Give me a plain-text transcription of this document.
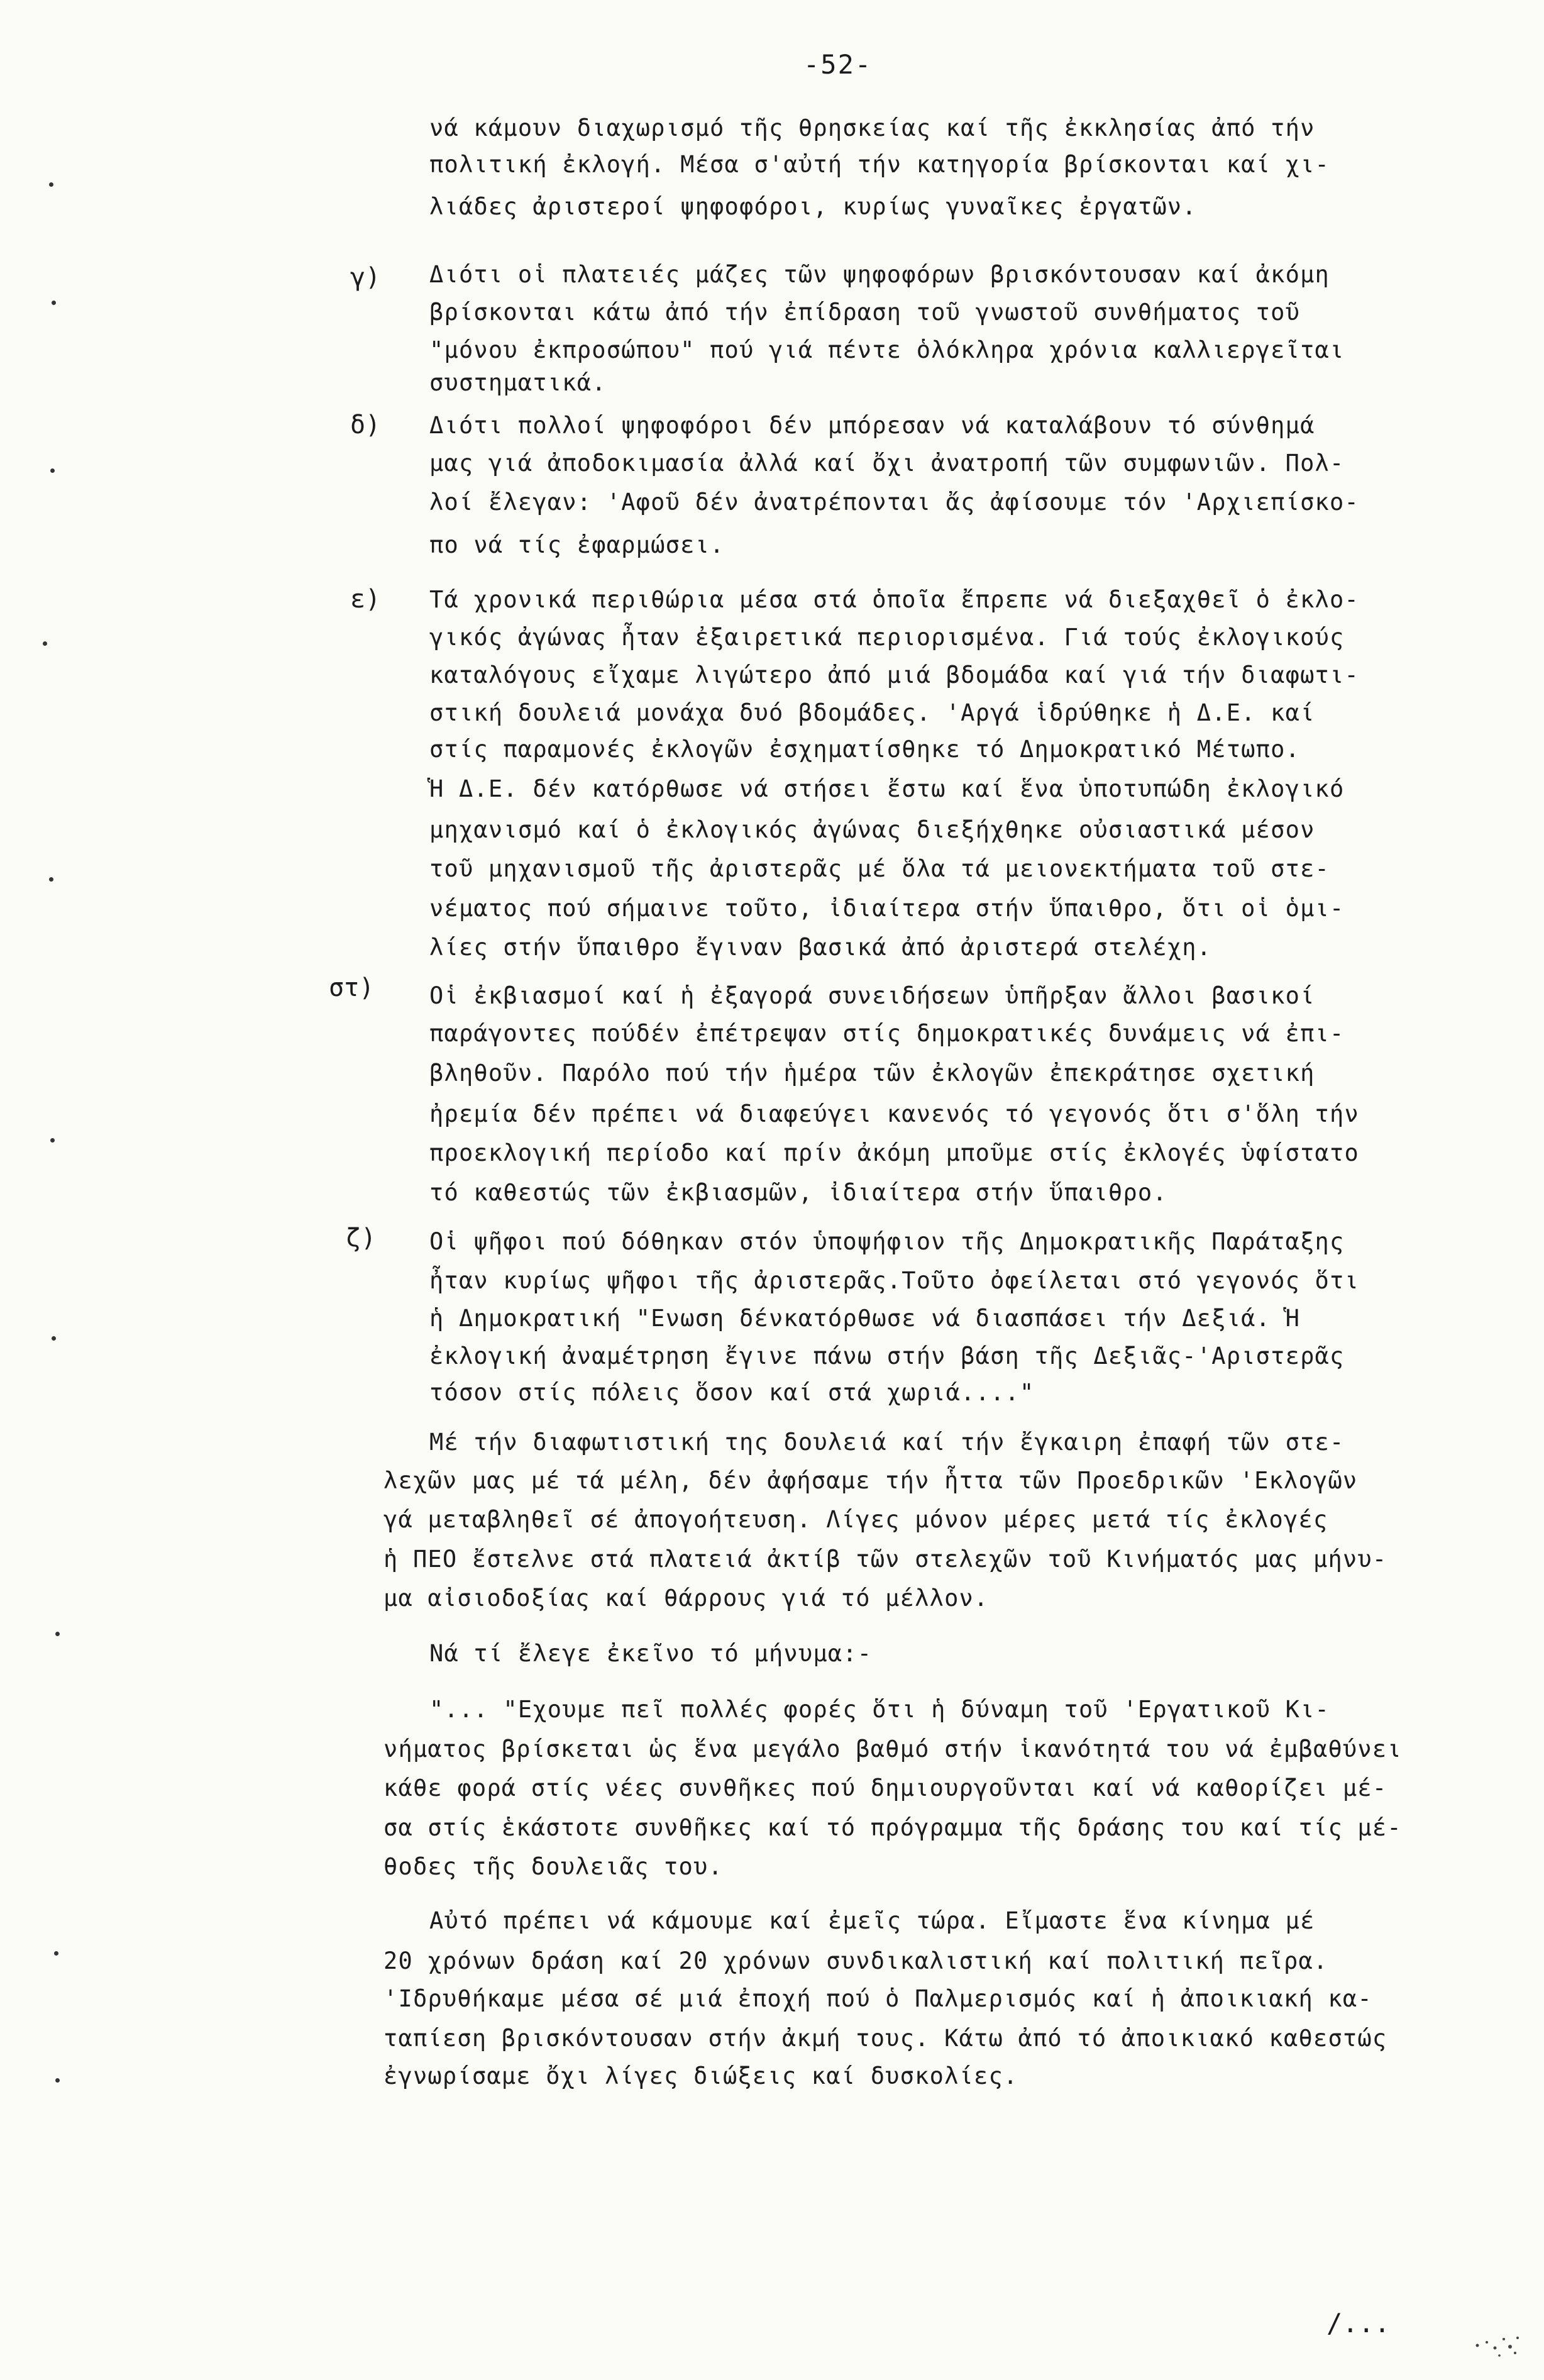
-52-
γ)
δ)
ε)
στ)
ζ)
νά κάμουν διαχωρισμό τῆς θρησκείας καί τῆς ἐκκλησίας ἀπό τήν
πολιτική ἐκλογή. Μέσα σ'αὐτή τήν κατηγορία βρίσκονται καί χι-
λιάδες ἀριστεροί ψηφοφόροι, κυρίως γυναῖκες ἐργατῶν.
Διότι οἱ πλατειές μάζες τῶν ψηφοφόρων βρισκόντουσαν καί ἀκόμη
βρίσκονται κάτω ἀπό τήν ἐπίδραση τοῦ γνωστοῦ συνθήματος τοῦ
"μόνου ἐκπροσώπου" πού γιά πέντε ὁλόκληρα χρόνια καλλιεργεῖται
συστηματικά.
Διότι πολλοί ψηφοφόροι δέν μπόρεσαν νά καταλάβουν τό σύνθημά
μας γιά ἀποδοκιμασία ἀλλά καί ὄχι ἀνατροπή τῶν συμφωνιῶν. Πολ-
λοί ἔλεγαν: 'Αφοῦ δέν ἀνατρέπονται ἄς ἀφίσουμε τόν 'Αρχιεπίσκο-
πο νά τίς ἐφαρμώσει.
Τά χρονικά περιθώρια μέσα στά ὁποῖα ἔπρεπε νά διεξαχθεῖ ὁ ἐκλο-
γικός ἀγώνας ἦταν ἐξαιρετικά περιορισμένα. Γιά τούς ἐκλογικούς
καταλόγους εἴχαμε λιγώτερο ἀπό μιά βδομάδα καί γιά τήν διαφωτι-
στική δουλειά μονάχα δυό βδομάδες. 'Αργά ἱδρύθηκε ἡ Δ.Ε. καί
στίς παραμονές ἐκλογῶν ἐσχηματίσθηκε τό Δημοκρατικό Μέτωπο.
Ἡ Δ.Ε. δέν κατόρθωσε νά στήσει ἔστω καί ἕνα ὑποτυπώδη ἐκλογικό
μηχανισμό καί ὁ ἐκλογικός ἀγώνας διεξήχθηκε οὐσιαστικά μέσον
τοῦ μηχανισμοῦ τῆς ἀριστερᾶς μέ ὅλα τά μειονεκτήματα τοῦ στε-
νέματος πού σήμαινε τοῦτο, ἰδιαίτερα στήν ὕπαιθρο, ὅτι οἱ ὁμι-
λίες στήν ὕπαιθρο ἔγιναν βασικά ἀπό ἀριστερά στελέχη.
Οἱ ἐκβιασμοί καί ἡ ἐξαγορά συνειδήσεων ὑπῆρξαν ἄλλοι βασικοί
παράγοντες πούδέν ἐπέτρεψαν στίς δημοκρατικές δυνάμεις νά ἐπι-
βληθοῦν. Παρόλο πού τήν ἡμέρα τῶν ἐκλογῶν ἐπεκράτησε σχετική
ἠρεμία δέν πρέπει νά διαφεύγει κανενός τό γεγονός ὅτι σ'ὅλη τήν
προεκλογική περίοδο καί πρίν ἀκόμη μποῦμε στίς ἐκλογές ὑφίστατο
τό καθεστώς τῶν ἐκβιασμῶν, ἰδιαίτερα στήν ὕπαιθρο.
Οἱ ψῆφοι πού δόθηκαν στόν ὑποψήφιον τῆς Δημοκρατικῆς Παράταξης
ἦταν κυρίως ψῆφοι τῆς ἀριστερᾶς.Τοῦτο ὀφείλεται στό γεγονός ὅτι
ἡ Δημοκρατική "Ενωση δένκατόρθωσε νά διασπάσει τήν Δεξιά. Ἡ
ἐκλογική ἀναμέτρηση ἔγινε πάνω στήν βάση τῆς Δεξιᾶς-'Αριστερᾶς
τόσον στίς πόλεις ὅσον καί στά χωριά...."
Μέ τήν διαφωτιστική της δουλειά καί τήν ἔγκαιρη ἐπαφή τῶν στε-
λεχῶν μας μέ τά μέλη, δέν ἀφήσαμε τήν ἧττα τῶν Προεδρικῶν 'Εκλογῶν
γά μεταβληθεῖ σέ ἀπογοήτευση. Λίγες μόνον μέρες μετά τίς ἐκλογές
ἡ ΠΕΟ ἔστελνε στά πλατειά ἀκτίβ τῶν στελεχῶν τοῦ Κινήματός μας μήνυ-
μα αἰσιοδοξίας καί θάρρους γιά τό μέλλον.
Νά τί ἔλεγε ἐκεῖνο τό μήνυμα:-
"... "Εχουμε πεῖ πολλές φορές ὅτι ἡ δύναμη τοῦ 'Εργατικοῦ Κι-
νήματος βρίσκεται ὡς ἕνα μεγάλο βαθμό στήν ἱκανότητά του νά ἐμβαθύνει
κάθε φορά στίς νέες συνθῆκες πού δημιουργοῦνται καί νά καθορίζει μέ-
σα στίς ἑκάστοτε συνθῆκες καί τό πρόγραμμα τῆς δράσης του καί τίς μέ-
θοδες τῆς δουλειᾶς του.
Αὐτό πρέπει νά κάμουμε καί ἐμεῖς τώρα. Εἴμαστε ἕνα κίνημα μέ
20 χρόνων δράση καί 20 χρόνων συνδικαλιστική καί πολιτική πεῖρα.
'Ιδρυθήκαμε μέσα σέ μιά ἐποχή πού ὁ Παλμερισμός καί ἡ ἀποικιακή κα-
ταπίεση βρισκόντουσαν στήν ἀκμή τους. Κάτω ἀπό τό ἀποικιακό καθεστώς
ἐγνωρίσαμε ὄχι λίγες διώξεις καί δυσκολίες.
/...
